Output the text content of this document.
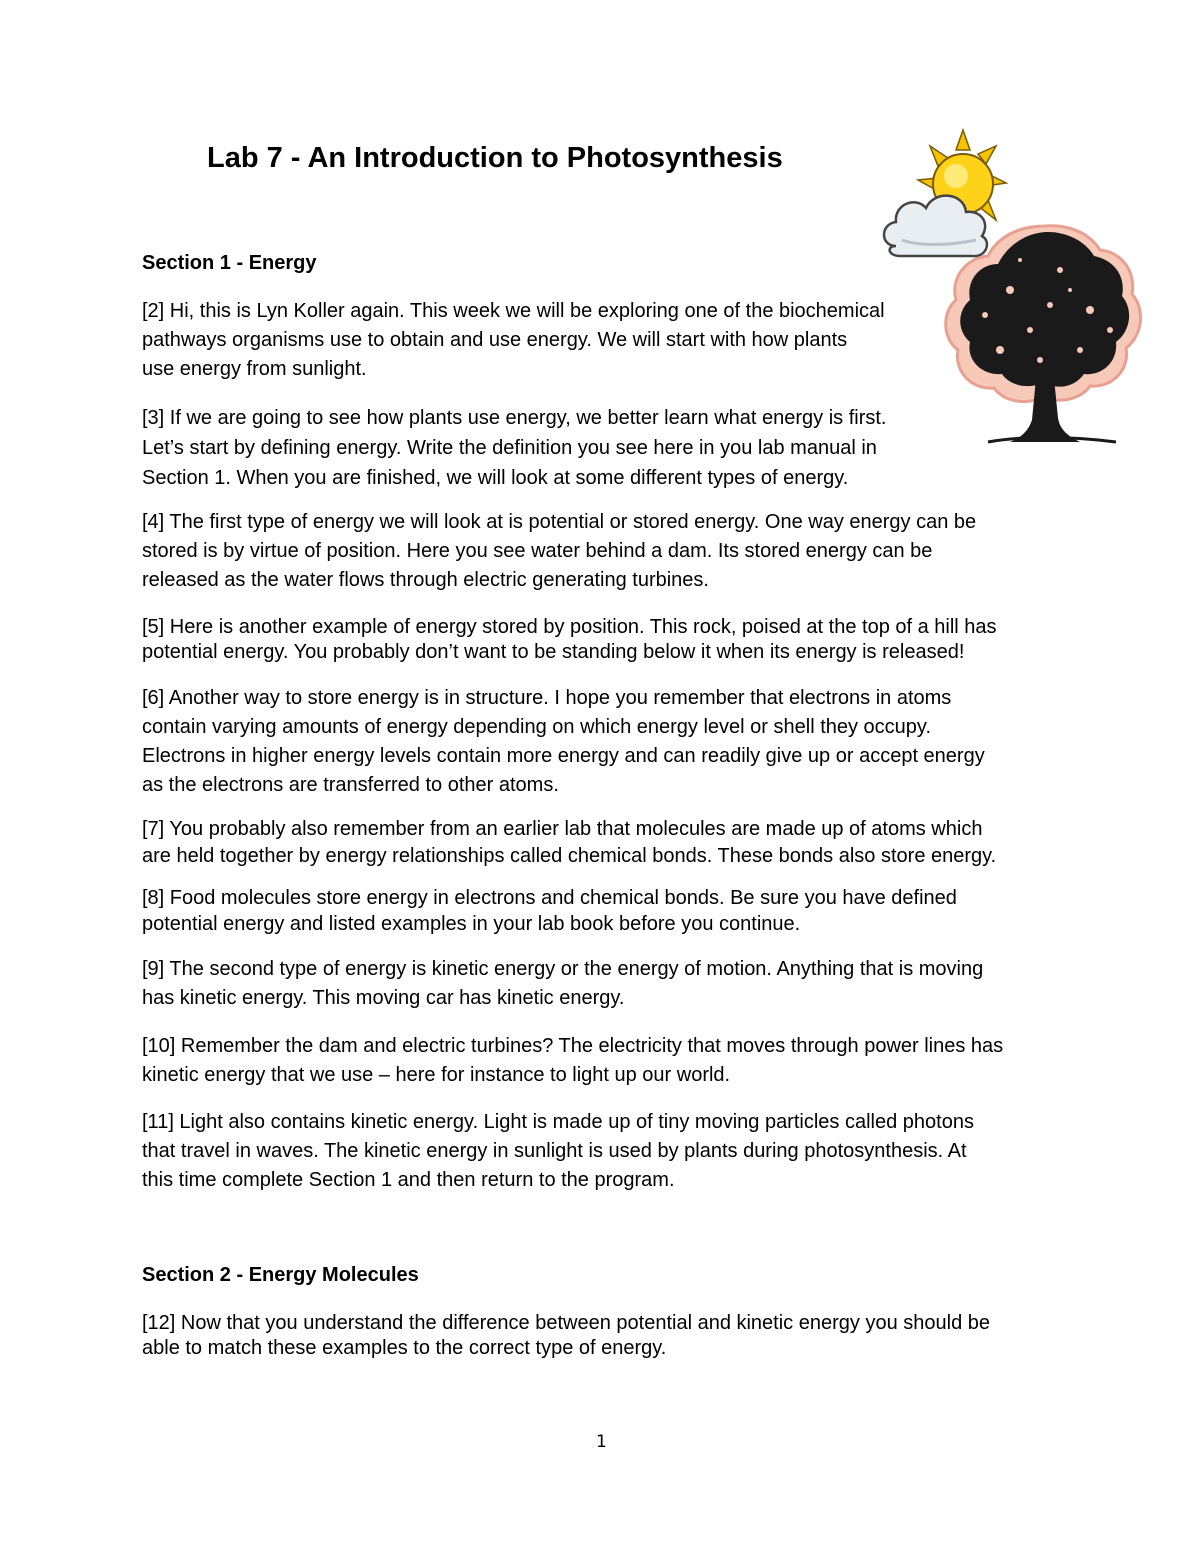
Lab 7 - An Introduction to Photosynthesis
Section 1 - Energy

[2] Hi, this is Lyn Koller again. This week we will be exploring one of the biochemical
pathways organisms use to obtain and use energy. We will start with how plants
use energy from sunlight.

[3] If we are going to see how plants use energy, we better learn what energy is first.
Let’s start by defining energy. Write the definition you see here in you lab manual in
Section 1. When you are finished, we will look at some different types of energy.

[4] The first type of energy we will look at is potential or stored energy. One way energy can be
stored is by virtue of position. Here you see water behind a dam. Its stored energy can be
released as the water flows through electric generating turbines.

[5] Here is another example of energy stored by position. This rock, poised at the top of a hill has
potential energy. You probably don’t want to be standing below it when its energy is released!

[6] Another way to store energy is in structure. I hope you remember that electrons in atoms
contain varying amounts of energy depending on which energy level or shell they occupy.
Electrons in higher energy levels contain more energy and can readily give up or accept energy
as the electrons are transferred to other atoms.

[7] You probably also remember from an earlier lab that molecules are made up of atoms which
are held together by energy relationships called chemical bonds. These bonds also store energy.

[8] Food molecules store energy in electrons and chemical bonds. Be sure you have defined
potential energy and listed examples in your lab book before you continue.

[9] The second type of energy is kinetic energy or the energy of motion. Anything that is moving
has kinetic energy. This moving car has kinetic energy.

[10] Remember the dam and electric turbines? The electricity that moves through power lines has
kinetic energy that we use – here for instance to light up our world.

[11] Light also contains kinetic energy. Light is made up of tiny moving particles called photons
that travel in waves. The kinetic energy in sunlight is used by plants during photosynthesis. At
this time complete Section 1 and then return to the program.

Section 2 - Energy Molecules

[12] Now that you understand the difference between potential and kinetic energy you should be
able to match these examples to the correct type of energy.

1
